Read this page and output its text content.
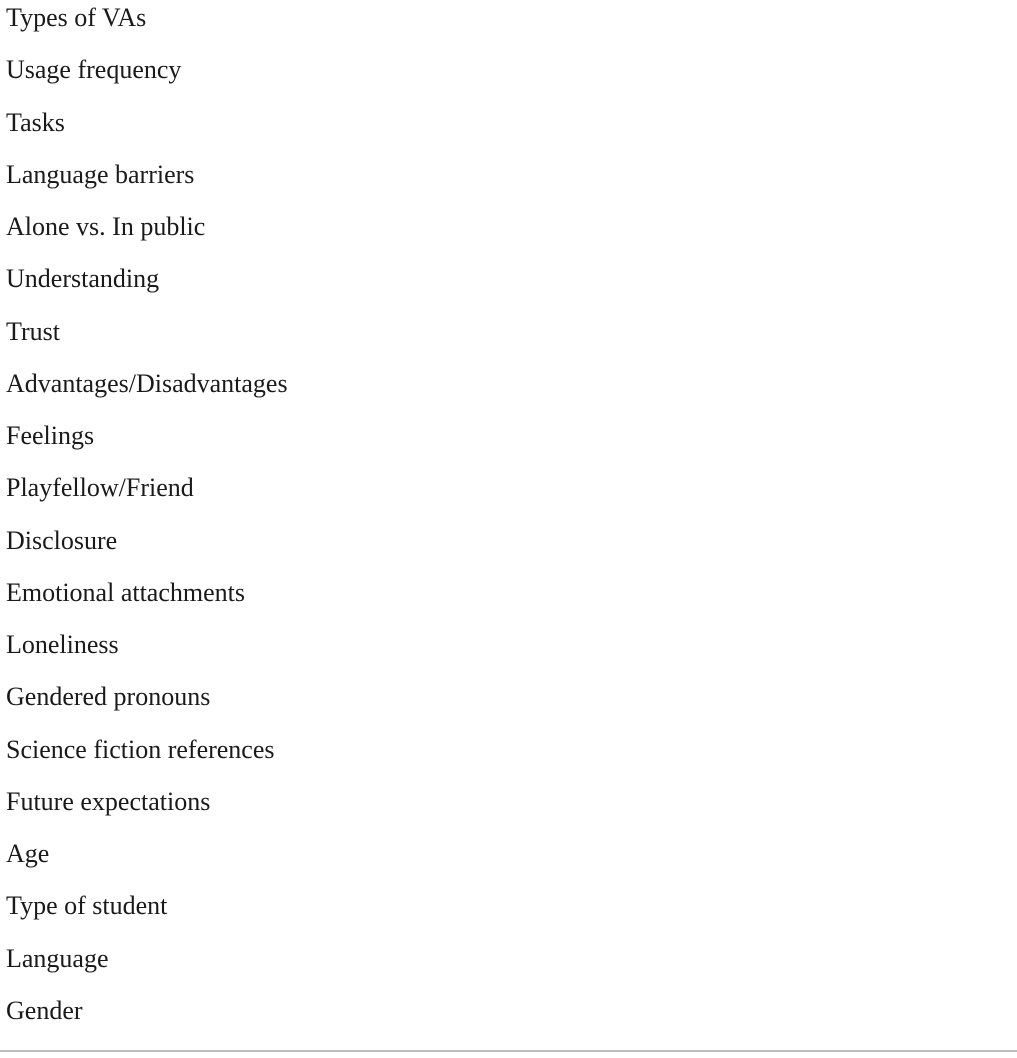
Types of VAs
Usage frequency
Tasks
Language barriers
Alone vs. In public
Understanding
Trust
Advantages/Disadvantages
Feelings
Playfellow/Friend
Disclosure
Emotional attachments
Loneliness
Gendered pronouns
Science fiction references
Future expectations
Age
Type of student
Language
Gender
